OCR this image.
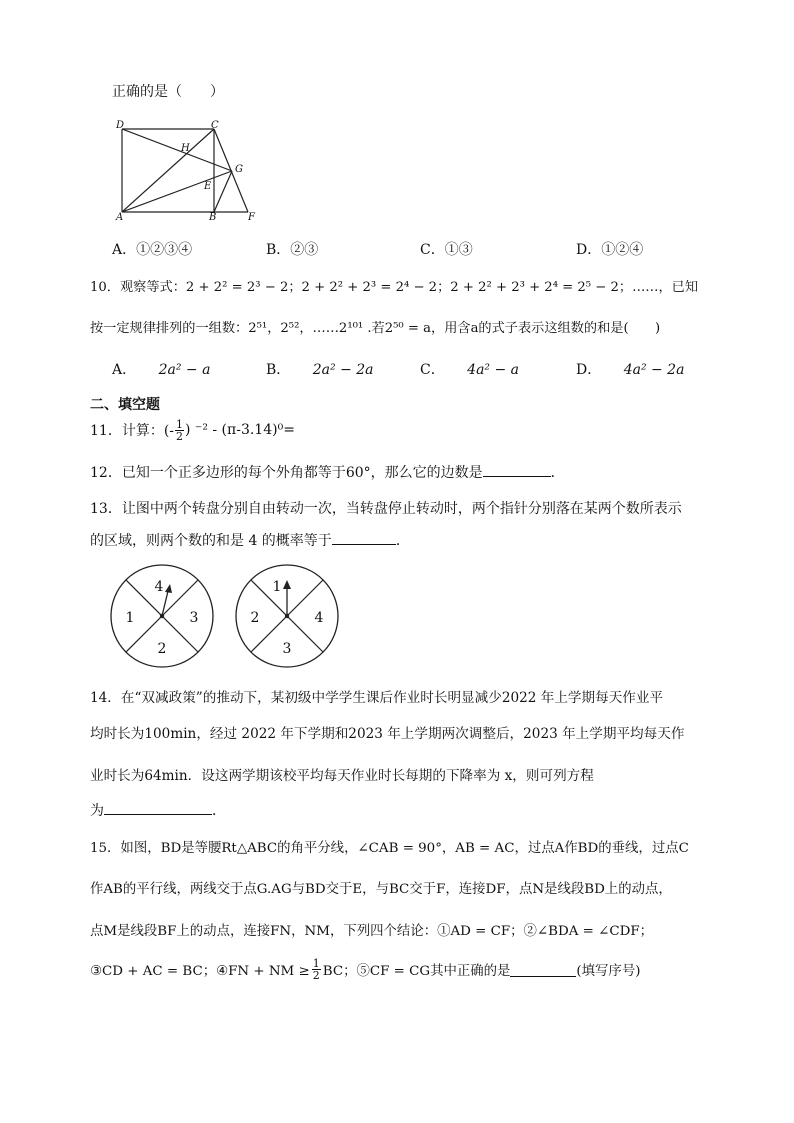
正确的是（　　）
D	C
H
G
E
A	B	F
A．①②③④	B．②③	C．①③	D．①②④
10．观察等式：2 + 2² = 2³ − 2；2 + 2² + 2³ = 2⁴ − 2；2 + 2² + 2³ + 2⁴ = 2⁵ − 2；……，已知
按一定规律排列的一组数：2⁵¹，2⁵²，……2¹⁰¹ .若2⁵⁰ = a，用含a的式子表示这组数的和是(　　)
A． 2a² − a	B． 2a² − 2a	C． 4a² − a	D． 4a² − 2a
二、填空题
11．计算：(- $\frac{1}{2}$ ) ⁻² - (π-3.14)⁰=
12．已知一个正多边形的每个外角都等于60°，那么它的边数是	．
13．让图中两个转盘分别自由转动一次，当转盘停止转动时，两个指针分别落在某两个数所表示
的区域，则两个数的和是 4 的概率等于	．
4
1	3
2
1
2	4
3
14．在“双减政策”的推动下，某初级中学学生课后作业时长明显减少2022 年上学期每天作业平
均时长为100min，经过 2022 年下学期和2023 年上学期两次调整后，2023 年上学期平均每天作
业时长为64min．设这两学期该校平均每天作业时长每期的下降率为 x，则可列方程
为	．
15．如图，BD是等腰Rt△ABC的角平分线，∠CAB = 90°，AB = AC，过点A作BD的垂线，过点C
作AB的平行线，两线交于点G.AG与BD交于E，与BC交于F，连接DF，点N是线段BD上的动点，
点M是线段BF上的动点，连接FN，NM，下列四个结论：①AD = CF；②∠BDA = ∠CDF；
③CD + AC = BC；④FN + NM ≥ $\frac{1}{2}$ BC；⑤CF = CG其中正确的是	(填写序号)
